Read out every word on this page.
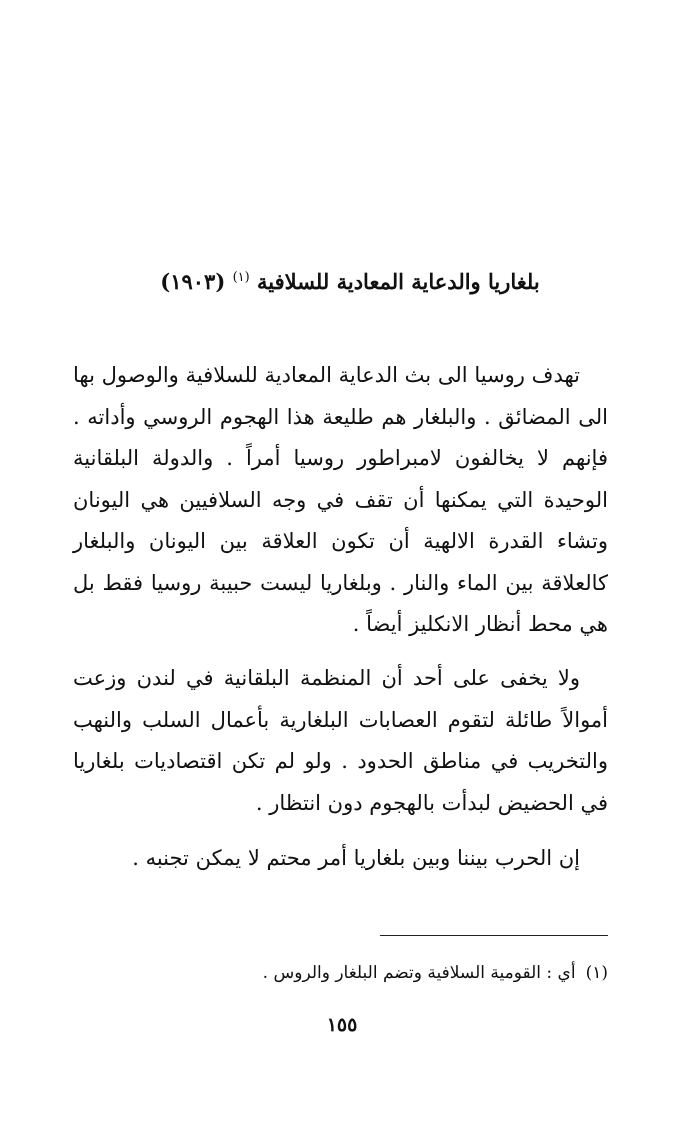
بلغاريا والدعاية المعادية للسلافية $^{(١)}$ (١٩٠٣)

تهدف روسيا الى بث الدعاية المعادية للسلافية والوصول بها الى المضائق . والبلغار هم طليعة هذا الهجوم الروسي وأداته . فإنهم لا يخالفون لامبراطور روسيا أمراً . والدولة البلقانية الوحيدة التي يمكنها أن تقف في وجه السلافيين هي اليونان وتشاء القدرة الالهية أن تكون العلاقة بين اليونان والبلغار كالعلاقة بين الماء والنار . وبلغاريا ليست حبيبة روسيا فقط بل هي محط أنظار الانكليز أيضاً .

ولا يخفى على أحد أن المنظمة البلقانية في لندن وزعت أموالاً طائلة لتقوم العصابات البلغارية بأعمال السلب والنهب والتخريب في مناطق الحدود . ولو لم تكن اقتصاديات بلغاريا في الحضيض لبدأت بالهجوم دون انتظار .

إن الحرب بيننا وبين بلغاريا أمر محتم لا يمكن تجنبه .

(١)أي : القومية السلافية وتضم البلغار والروس .
١٥٥
